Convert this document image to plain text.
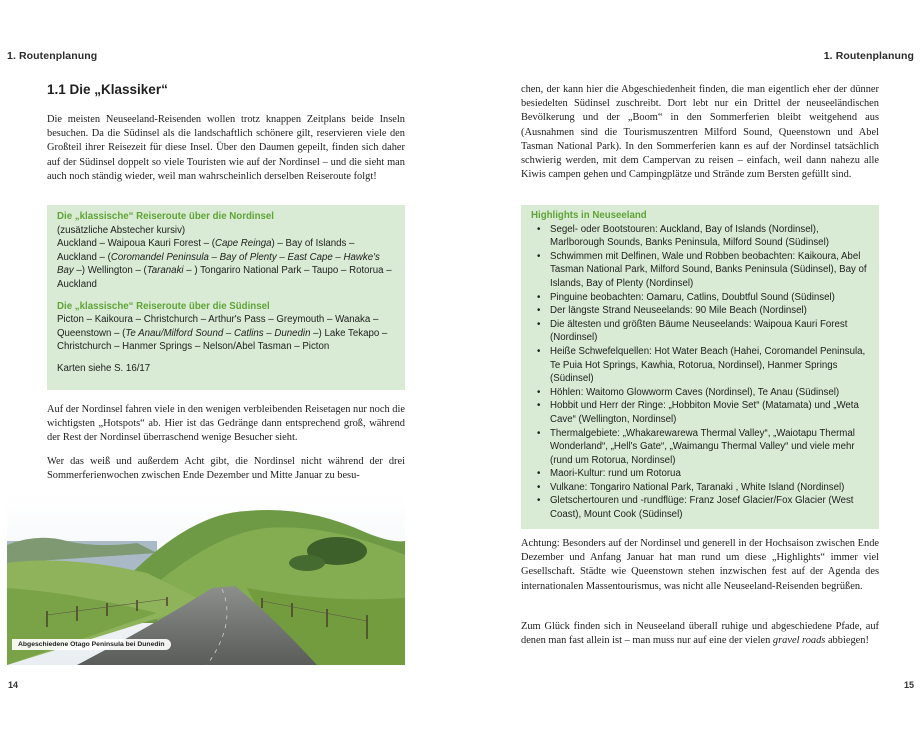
1. Routenplanung	1. Routenplanung
1.1 Die „Klassiker“

Die meisten Neuseeland-Reisenden wollen trotz knappen Zeitplans beide Inseln besuchen. Da die Südinsel als die landschaftlich schönere gilt, reservieren viele den Großteil ihrer Reisezeit für diese Insel. Über den Daumen gepeilt, finden sich daher auf der Südinsel doppelt so viele Touristen wie auf der Nordinsel – und die sieht man auch noch ständig wieder, weil man wahrscheinlich derselben Reiseroute folgt!

Die „klassische“ Reiseroute über die Nordinsel
(zusätzliche Abstecher kursiv)
Auckland – Waipoua Kauri Forest – (Cape Reinga) – Bay of Islands – Auckland – (Coromandel Peninsula – Bay of Plenty – East Cape – Hawke's Bay –) Wellington – (Taranaki – ) Tongariro National Park – Taupo – Rotorua – Auckland
Die „klassische“ Reiseroute über die Südinsel
Picton – Kaikoura – Christchurch – Arthur's Pass – Greymouth – Wanaka – Queenstown – (Te Anau/Milford Sound – Catlins – Dunedin –) Lake Tekapo – Christchurch – Hanmer Springs – Nelson/Abel Tasman – Picton
Karten siehe S. 16/17

Auf der Nordinsel fahren viele in den wenigen verbleibenden Reisetagen nur noch die wichtigsten „Hotspots“ ab. Hier ist das Gedränge dann entsprechend groß, während der Rest der Nordinsel überraschend wenige Besucher sieht.

Wer das weiß und außerdem Acht gibt, die Nordinsel nicht während der drei Sommerferienwochen zwischen Ende Dezember und Mitte Januar zu besu-

Abgeschiedene Otago Peninsula bei Dunedin
14

chen, der kann hier die Abgeschiedenheit finden, die man eigentlich eher der dünner besiedelten Südinsel zuschreibt. Dort lebt nur ein Drittel der neuseeländischen Bevölkerung und der „Boom“ in den Sommerferien bleibt weitgehend aus (Ausnahmen sind die Tourismuszentren Milford Sound, Queenstown und Abel Tasman National Park). In den Sommerferien kann es auf der Nordinsel tatsächlich schwierig werden, mit dem Campervan zu reisen – einfach, weil dann nahezu alle Kiwis campen gehen und Campingplätze und Strände zum Bersten gefüllt sind.

Highlights in Neuseeland
• Segel- oder Bootstouren: Auckland, Bay of Islands (Nordinsel), Marlborough Sounds, Banks Peninsula, Milford Sound (Südinsel)
• Schwimmen mit Delfinen, Wale und Robben beobachten: Kaikoura, Abel Tasman National Park, Milford Sound, Banks Peninsula (Südinsel), Bay of Islands, Bay of Plenty (Nordinsel)
• Pinguine beobachten: Oamaru, Catlins, Doubtful Sound (Südinsel)
• Der längste Strand Neuseelands: 90 Mile Beach (Nordinsel)
• Die ältesten und größten Bäume Neuseelands: Waipoua Kauri Forest (Nordinsel)
• Heiße Schwefelquellen: Hot Water Beach (Hahei, Coromandel Peninsula, Te Puia Hot Springs, Kawhia, Rotorua, Nordinsel), Hanmer Springs (Südinsel)
• Höhlen: Waitomo Glowworm Caves (Nordinsel), Te Anau (Südinsel)
• Hobbit und Herr der Ringe: „Hobbiton Movie Set“ (Matamata) und „Weta Cave“ (Wellington, Nordinsel)
• Thermalgebiete: „Whakarewarewa Thermal Valley“, „Waiotapu Thermal Wonderland“, „Hell's Gate“, „Waimangu Thermal Valley“ und viele mehr (rund um Rotorua, Nordinsel)
• Maori-Kultur: rund um Rotorua
• Vulkane: Tongariro National Park, Taranaki , White Island (Nordinsel)
• Gletschertouren und -rundflüge: Franz Josef Glacier/Fox Glacier (West Coast), Mount Cook (Südinsel)

Achtung: Besonders auf der Nordinsel und generell in der Hochsaison zwischen Ende Dezember und Anfang Januar hat man rund um diese „Highlights“ immer viel Gesellschaft. Städte wie Queenstown stehen inzwischen fest auf der Agenda des internationalen Massentourismus, was nicht alle Neuseeland-Reisenden begrüßen.

Zum Glück finden sich in Neuseeland überall ruhige und abgeschiedene Pfade, auf denen man fast allein ist – man muss nur auf eine der vielen gravel roads abbiegen!

15
